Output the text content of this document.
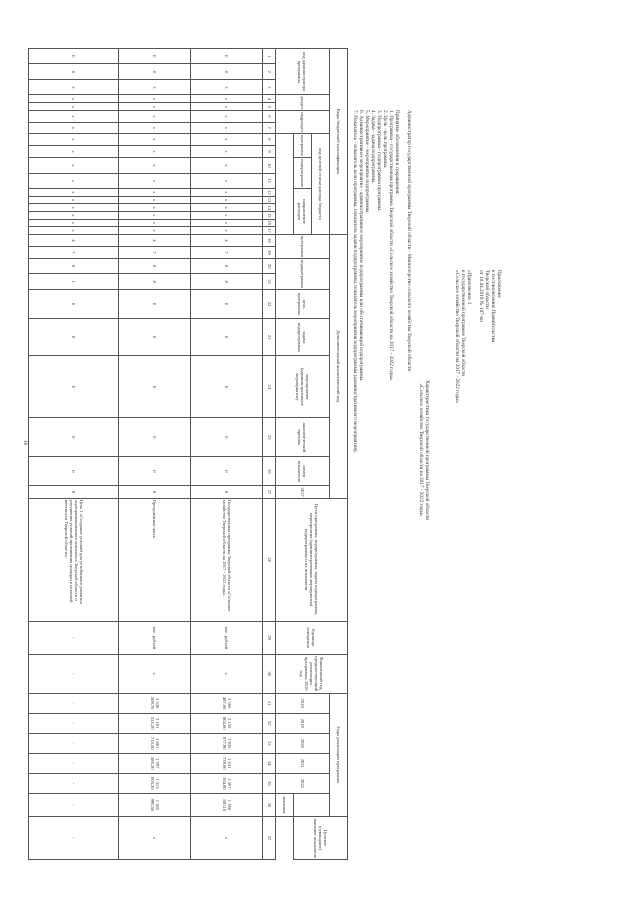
16
Приложение
к постановлению Правительства
Тверской области
от 10.04.2019 № 107-пп
«Приложение 1
к государственной программе Тверской области
«Сельское хозяйство Тверской области на 2017 - 2022 годы»
Характеристика государственной программы Тверской области
«Сельское хозяйство Тверской области на 2017 - 2022 годы»
Администратор государственной программы Тверской области - Министерство сельского хозяйства Тверской области
Принятые обозначения и сокращения:
1. Программа - государственная программа Тверской области «Сельское хозяйство Тверской области на 2017 - 2022 годы».
2. Цель - цель программы.
3. Подпрограмма - подпрограмма программы.
4. Задача - задача подпрограммы.
5. Мероприятие - мероприятие подпрограммы.
6. Административное мероприятие - административное мероприятие подпрограммы или обеспечивающей подпрограммы.
7. Показатель - показатель цели программы, показатель задачи подпрограммы, показатель мероприятия подпрограммы (административного мероприятия).
Коды бюджетной классификации																	Дополнительный аналитический код										Цели программы, подпрограммы, задачи подпрограммы, мероприятия (административные мероприятия) подпрограммы и их показатели	Единица измерения	Финансовый год, предшествующий реализации программы, 2016 год	Годы реализации программы						Целевое (суммарное) значение показателя
код администратора программы			раздел		подраздел		код целевой статьи расхода бюджета										программа		подпрограмма		цель программы	задача подпрограммы	мероприятие (административное мероприятие)	аналитический признак	номер показателя	2017				2018	2019	2020	2021	2022		
							программа		подпрограмма		направление расходов																									
																																			значение	
1	2	3	4	5	6	7	8	9	10	11	12	13	14	15	16	17	18	19	20	21	22	23	24	25	26	27	28	29	30	31	32	33	34	35	36	37
0	8	3	x	x	x	x	x	x	x	x	x	x	x	x	x	x	4	7	0	0	0	0	0	0	0	0	Государственная программа Тверской области «Сельское хозяйство Тверской области на 2017 - 2022 годы»	тыс. рублей	x	3 366 487,60	2 155 804,60	1 936 077,90	1 631 739,60	1 367 364,80	1 368 350,10	x
0	8	3	x	x	x	x	x	x	x	x	x	x	x	x	x	x	4	7	0	0	0	0	0	0	0	0	Программная часть	тыс. рублей	x	3 336 209,70	2 101 535,20	1 881 718,50	1 597 380,20	1 313 005,20	1 305 990,50	x
0	8	3	x	x	x	x	x	x	x	x	x	x	x	x	x	x	4	7	0	1	0	0	0	0	0	0	Цель 1 «Создание условий для устойчивого развития агропромышленного комплекса Тверской области и улучшения условий проживания граждан в сельской местности Тверской области»	-	-	-	-	-	-	-	-	-
